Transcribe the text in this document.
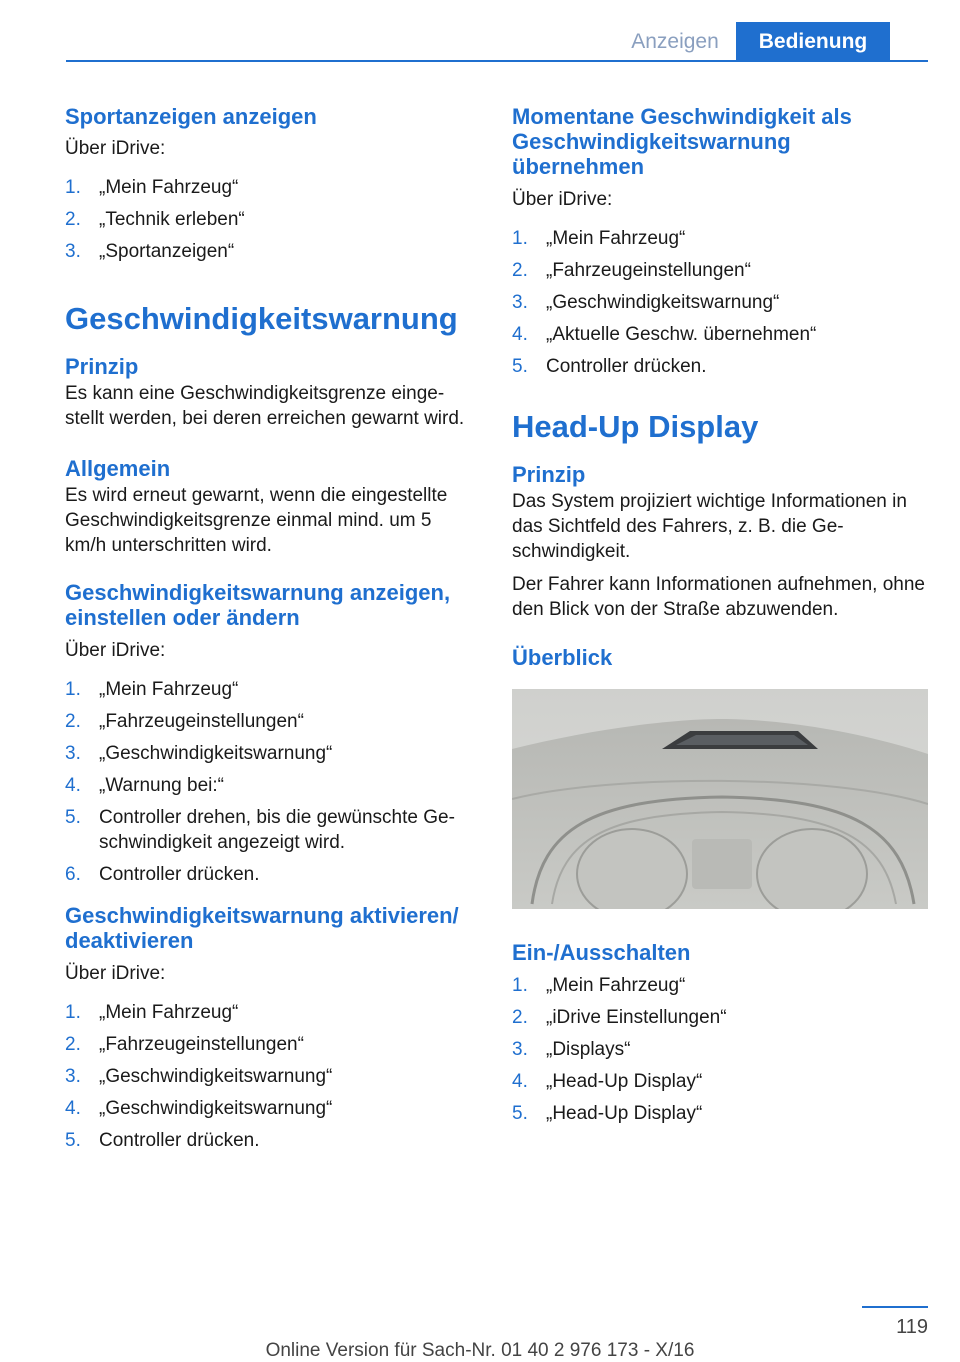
Anzeigen	Bedienung
Sportanzeigen anzeigen
Über iDrive:
1. „Mein Fahrzeug“
2. „Technik erleben“
3. „Sportanzeigen“
Geschwindigkeitswarnung
Prinzip
Es kann eine Geschwindigkeitsgrenze einge- stellt werden, bei deren erreichen gewarnt wird.
Allgemein
Es wird erneut gewarnt, wenn die eingestellte Geschwindigkeitsgrenze einmal mind. um 5 km/h unterschritten wird.
Geschwindigkeitswarnung anzeigen, einstellen oder ändern
Über iDrive:
1. „Mein Fahrzeug“
2. „Fahrzeugeinstellungen“
3. „Geschwindigkeitswarnung“
4. „Warnung bei:“
5. Controller drehen, bis die gewünschte Ge- schwindigkeit angezeigt wird.
6. Controller drücken.
Geschwindigkeitswarnung aktivieren/ deaktivieren
Über iDrive:
1. „Mein Fahrzeug“
2. „Fahrzeugeinstellungen“
3. „Geschwindigkeitswarnung“
4. „Geschwindigkeitswarnung“
5. Controller drücken.
Momentane Geschwindigkeit als Geschwindigkeitswarnung übernehmen
Über iDrive:
1. „Mein Fahrzeug“
2. „Fahrzeugeinstellungen“
3. „Geschwindigkeitswarnung“
4. „Aktuelle Geschw. übernehmen“
5. Controller drücken.
Head-Up Display
Prinzip
Das System projiziert wichtige Informationen in das Sichtfeld des Fahrers, z. B. die Ge- schwindigkeit.
Der Fahrer kann Informationen aufnehmen, ohne den Blick von der Straße abzuwenden.
Überblick
Ein-/Ausschalten
1. „Mein Fahrzeug“
2. „iDrive Einstellungen“
3. „Displays“
4. „Head-Up Display“
5. „Head-Up Display“
119
Online Version für Sach-Nr. 01 40 2 976 173 - X/16
